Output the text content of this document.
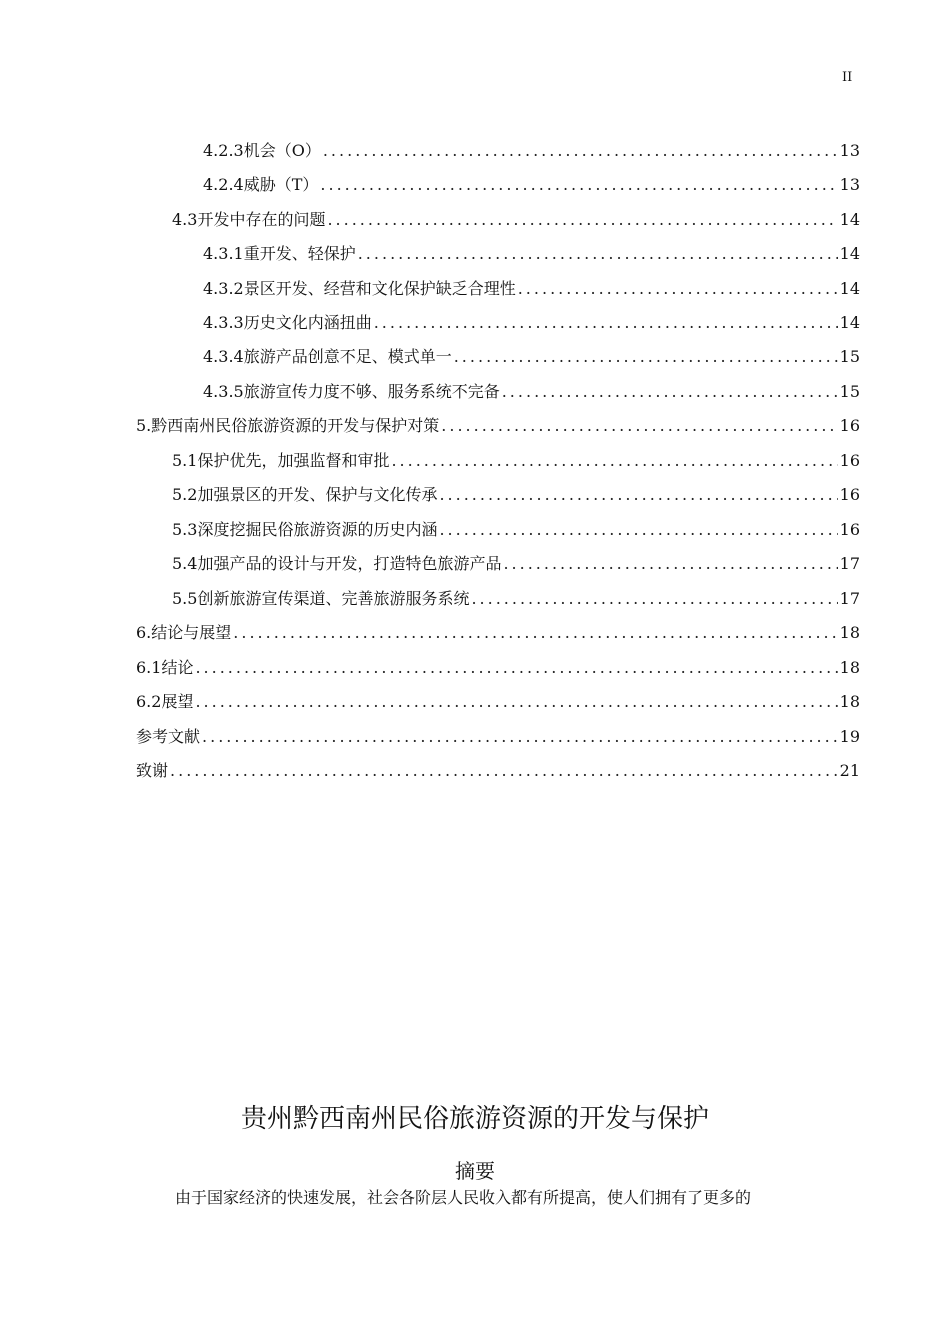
II
4.2.3机会（O） .....	13
4.2.4威胁（T） .....	13
4.3开发中存在的问题 .....	14
4.3.1重开发、轻保护 .....	14
4.3.2景区开发、经营和文化保护缺乏合理性 .....	14
4.3.3历史文化内涵扭曲 .....	14
4.3.4旅游产品创意不足、模式单一 .....	15
4.3.5旅游宣传力度不够、服务系统不完备 .....	15
5.黔西南州民俗旅游资源的开发与保护对策 .....	16
5.1保护优先，加强监督和审批 .....	16
5.2加强景区的开发、保护与文化传承 .....	16
5.3深度挖掘民俗旅游资源的历史内涵 .....	16
5.4加强产品的设计与开发，打造特色旅游产品 .....	17
5.5创新旅游宣传渠道、完善旅游服务系统 .....	17
6.结论与展望 .....	18
6.1结论 .....	18
6.2展望 .....	18
参考文献 .....	19
致谢 .....	21
贵州黔西南州民俗旅游资源的开发与保护
摘要
由于国家经济的快速发展，社会各阶层人民收入都有所提高，使人们拥有了更多的
